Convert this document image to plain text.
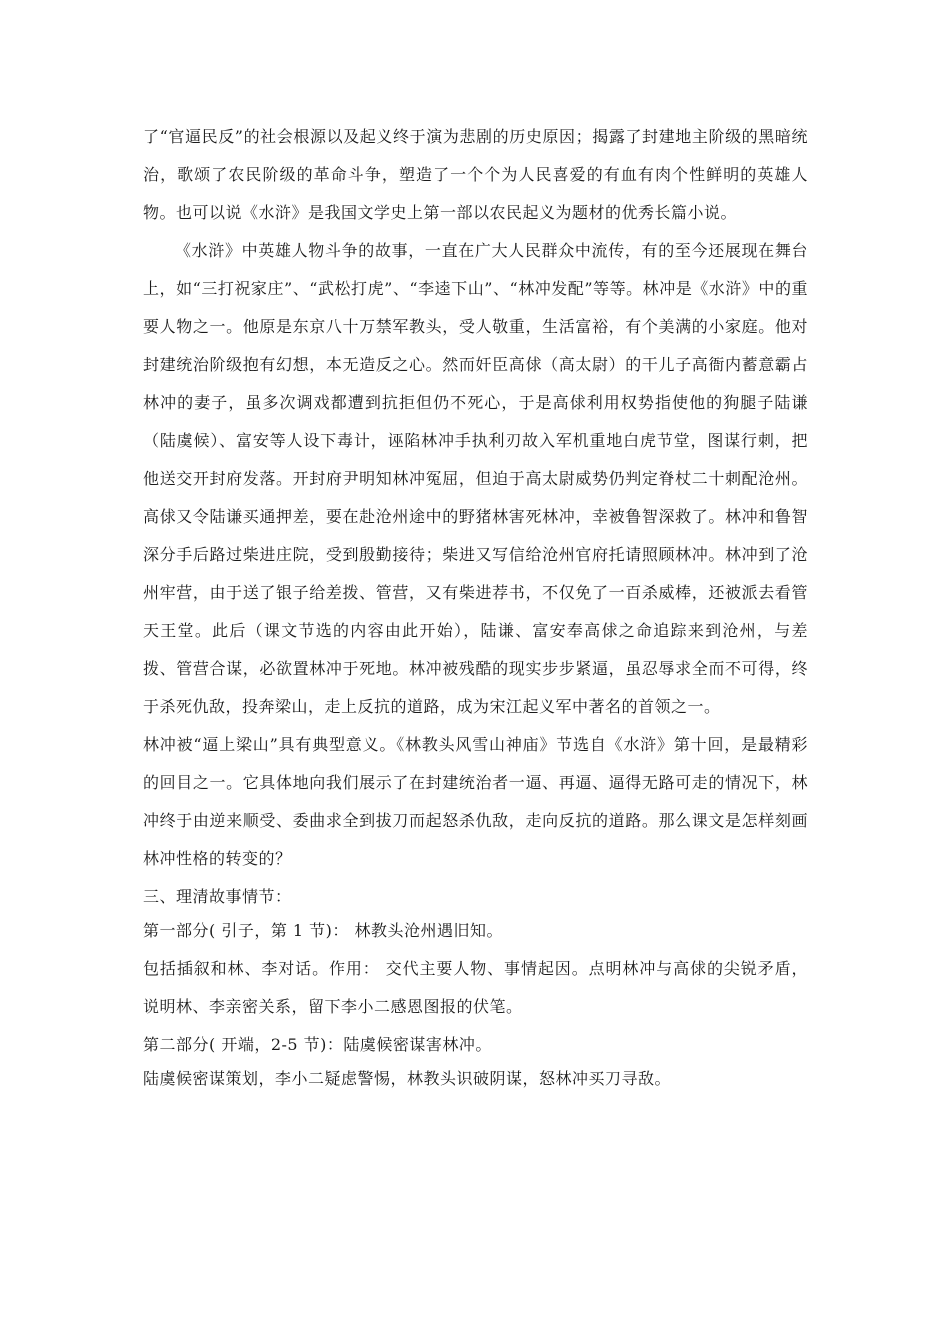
了“官逼民反”的社会根源以及起义终于演为悲剧的历史原因；揭露了封建地主阶级的黑暗统治，歌颂了农民阶级的革命斗争，塑造了一个个为人民喜爱的有血有肉个性鲜明的英雄人物。也可以说《水浒》是我国文学史上第一部以农民起义为题材的优秀长篇小说。

《水浒》中英雄人物斗争的故事，一直在广大人民群众中流传，有的至今还展现在舞台上，如“三打祝家庄”、“武松打虎”、“李逵下山”、“林冲发配”等等。林冲是《水浒》中的重要人物之一。他原是东京八十万禁军教头，受人敬重，生活富裕，有个美满的小家庭。他对封建统治阶级抱有幻想，本无造反之心。然而奸臣高俅（高太尉）的干儿子高衙内蓄意霸占林冲的妻子，虽多次调戏都遭到抗拒但仍不死心，于是高俅利用权势指使他的狗腿子陆谦（陆虞候）、富安等人设下毒计，诬陷林冲手执利刃故入军机重地白虎节堂，图谋行刺，把他送交开封府发落。开封府尹明知林冲冤屈，但迫于高太尉威势仍判定脊杖二十刺配沧州。高俅又令陆谦买通押差，要在赴沧州途中的野猪林害死林冲，幸被鲁智深救了。林冲和鲁智深分手后路过柴进庄院，受到殷勤接待；柴进又写信给沧州官府托请照顾林冲。林冲到了沧州牢营，由于送了银子给差拨、管营，又有柴进荐书，不仅免了一百杀威棒，还被派去看管天王堂。此后（课文节选的内容由此开始），陆谦、富安奉高俅之命追踪来到沧州，与差拨、管营合谋，必欲置林冲于死地。林冲被残酷的现实步步紧逼，虽忍辱求全而不可得，终于杀死仇敌，投奔梁山，走上反抗的道路，成为宋江起义军中著名的首领之一。

林冲被“逼上梁山”具有典型意义。《林教头风雪山神庙》节选自《水浒》第十回，是最精彩的回目之一。它具体地向我们展示了在封建统治者一逼、再逼、逼得无路可走的情况下，林冲终于由逆来顺受、委曲求全到拔刀而起怒杀仇敌，走向反抗的道路。那么课文是怎样刻画林冲性格的转变的？

三、理清故事情节：

第一部分( 引子，第 1 节)： 林教头沧州遇旧知。

包括插叙和林、李对话。作用： 交代主要人物、事情起因。点明林冲与高俅的尖锐矛盾，说明林、李亲密关系，留下李小二感恩图报的伏笔。

第二部分( 开端，2-5 节)：陆虞候密谋害林冲。

陆虞候密谋策划，李小二疑虑警惕，林教头识破阴谋，怒林冲买刀寻敌。
